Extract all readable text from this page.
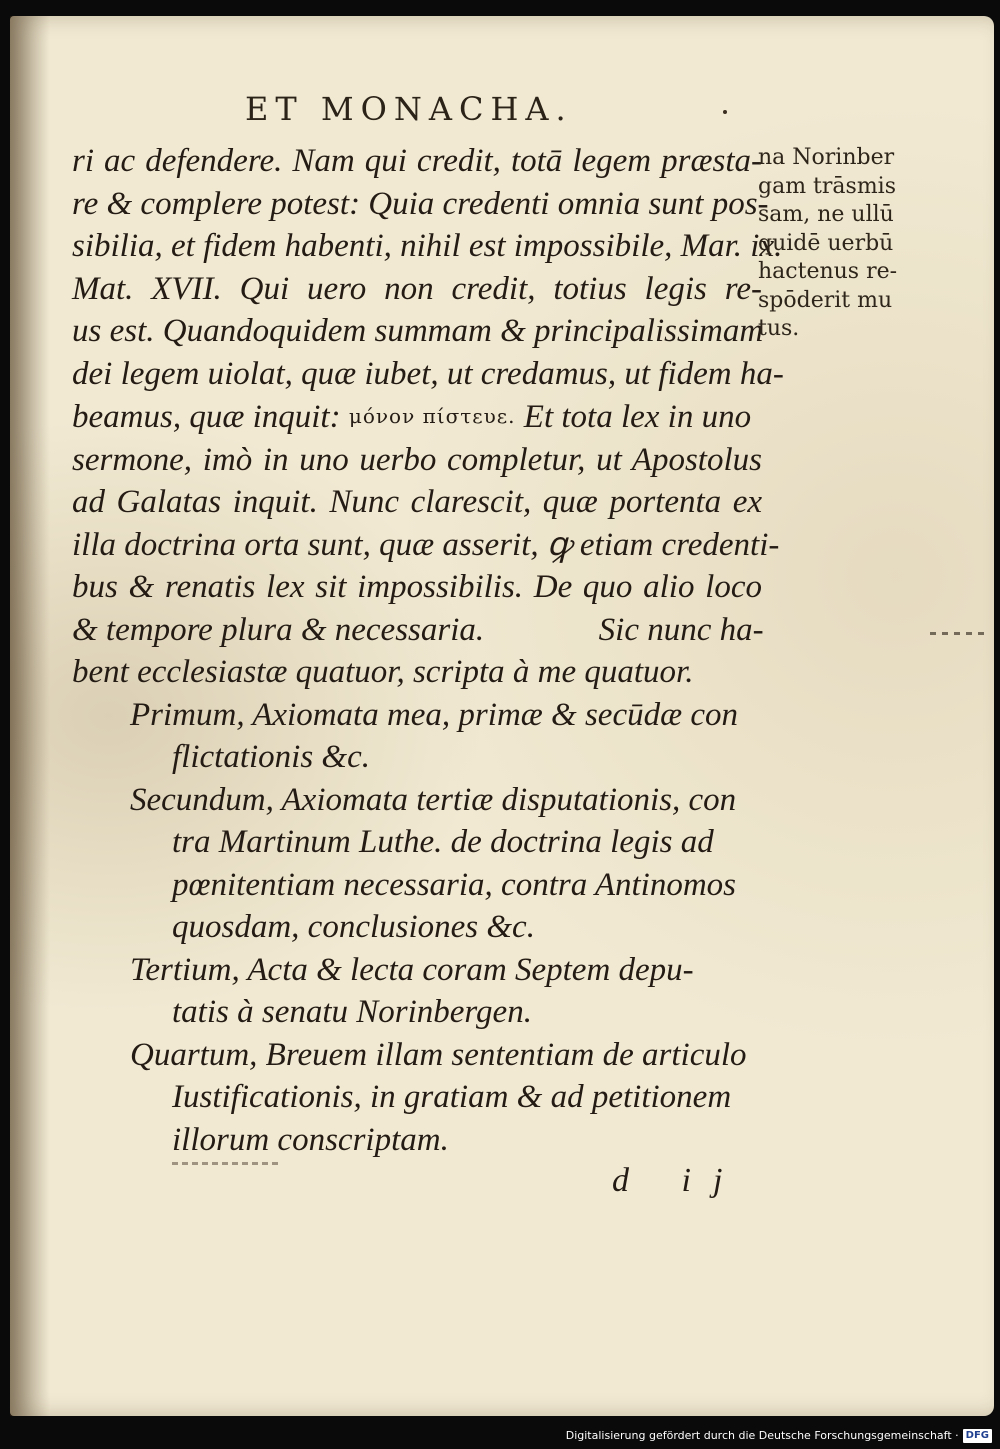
ET MONACHA.
ri ac defendere. Nam qui credit, totā legem præsta-
re & complere potest: Quia credenti omnia sunt pos-
sibilia, et fidem habenti, nihil est impossibile, Mar. ix.
Mat. XVII. Qui uero non credit, totius legis re-
us est. Quandoquidem summam & principalissimam
dei legem uiolat, quæ iubet, ut credamus, ut fidem ha-
beamus, quæ inquit: μόνον πίστευε. Et tota lex in uno
sermone, imò in uno uerbo completur, ut Apostolus
ad Galatas inquit. Nunc clarescit, quæ portenta ex
illa doctrina orta sunt, quæ asserit, ꝙ etiam credenti-
bus & renatis lex sit impossibilis. De quo alio loco
& tempore plura & necessaria.	Sic nunc ha-
bent ecclesiastæ quatuor, scripta à me quatuor.
Primum, Axiomata mea, primæ & secūdæ con
flictationis &c.
Secundum, Axiomata tertiæ disputationis, con
tra Martinum Luthe. de doctrina legis ad
pœnitentiam necessaria, contra Antinomos
quosdam, conclusiones &c.
Tertium, Acta & lecta coram Septem depu-
tatis à senatu Norinbergen.
Quartum, Breuem illam sententiam de articulo
Iustificationis, in gratiam & ad petitionem
illorum conscriptam.
na Norinber
gam trāsmis
sam, ne ullū
quidē uerbū
hactenus re-
spōderit mu
tus.
d ij
Digitalisierung gefördert durch die Deutsche Forschungsgemeinschaft · DFG
